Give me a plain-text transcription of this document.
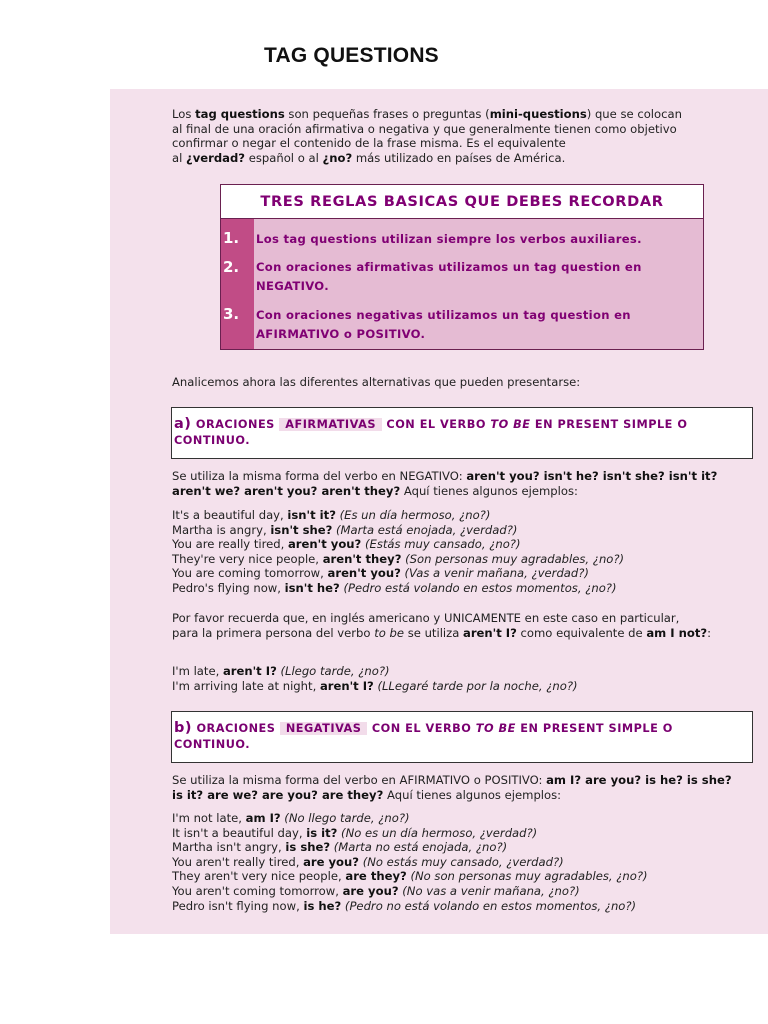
TAG QUESTIONS
Los tag questions son pequeñas frases o preguntas (mini-questions) que se colocan
al final de una oración afirmativa o negativa y que generalmente tienen como objetivo
confirmar o negar el contenido de la frase misma. Es el equivalente
al ¿verdad? español o al ¿no? más utilizado en países de América.
TRES REGLAS BASICAS QUE DEBES RECORDAR
1. Los tag questions utilizan siempre los verbos auxiliares.
2. Con oraciones afirmativas utilizamos un tag question en NEGATIVO.
3. Con oraciones negativas utilizamos un tag question en AFIRMATIVO o POSITIVO.
Analicemos ahora las diferentes alternativas que pueden presentarse:
a) ORACIONES AFIRMATIVAS CON EL VERBO TO BE EN PRESENT SIMPLE O CONTINUO.
Se utiliza la misma forma del verbo en NEGATIVO: aren't you? isn't he? isn't she? isn't it? aren't we? aren't you? aren't they? Aquí tienes algunos ejemplos:
It's a beautiful day, isn't it? (Es un día hermoso, ¿no?)
Martha is angry, isn't she? (Marta está enojada, ¿verdad?)
You are really tired, aren't you? (Estás muy cansado, ¿no?)
They're very nice people, aren't they? (Son personas muy agradables, ¿no?)
You are coming tomorrow, aren't you? (Vas a venir mañana, ¿verdad?)
Pedro's flying now, isn't he? (Pedro está volando en estos momentos, ¿no?)
Por favor recuerda que, en inglés americano y UNICAMENTE en este caso en particular,
para la primera persona del verbo to be se utiliza aren't I? como equivalente de am I not?:
I'm late, aren't I? (Llego tarde, ¿no?)
I'm arriving late at night, aren't I? (LLegaré tarde por la noche, ¿no?)
b) ORACIONES NEGATIVAS CON EL VERBO TO BE EN PRESENT SIMPLE O CONTINUO.
Se utiliza la misma forma del verbo en AFIRMATIVO o POSITIVO: am I? are you? is he? is she? is it? are we? are you? are they? Aquí tienes algunos ejemplos:
I'm not late, am I? (No llego tarde, ¿no?)
It isn't a beautiful day, is it? (No es un día hermoso, ¿verdad?)
Martha isn't angry, is she? (Marta no está enojada, ¿no?)
You aren't really tired, are you? (No estás muy cansado, ¿verdad?)
They aren't very nice people, are they? (No son personas muy agradables, ¿no?)
You aren't coming tomorrow, are you? (No vas a venir mañana, ¿no?)
Pedro isn't flying now, is he? (Pedro no está volando en estos momentos, ¿no?)
